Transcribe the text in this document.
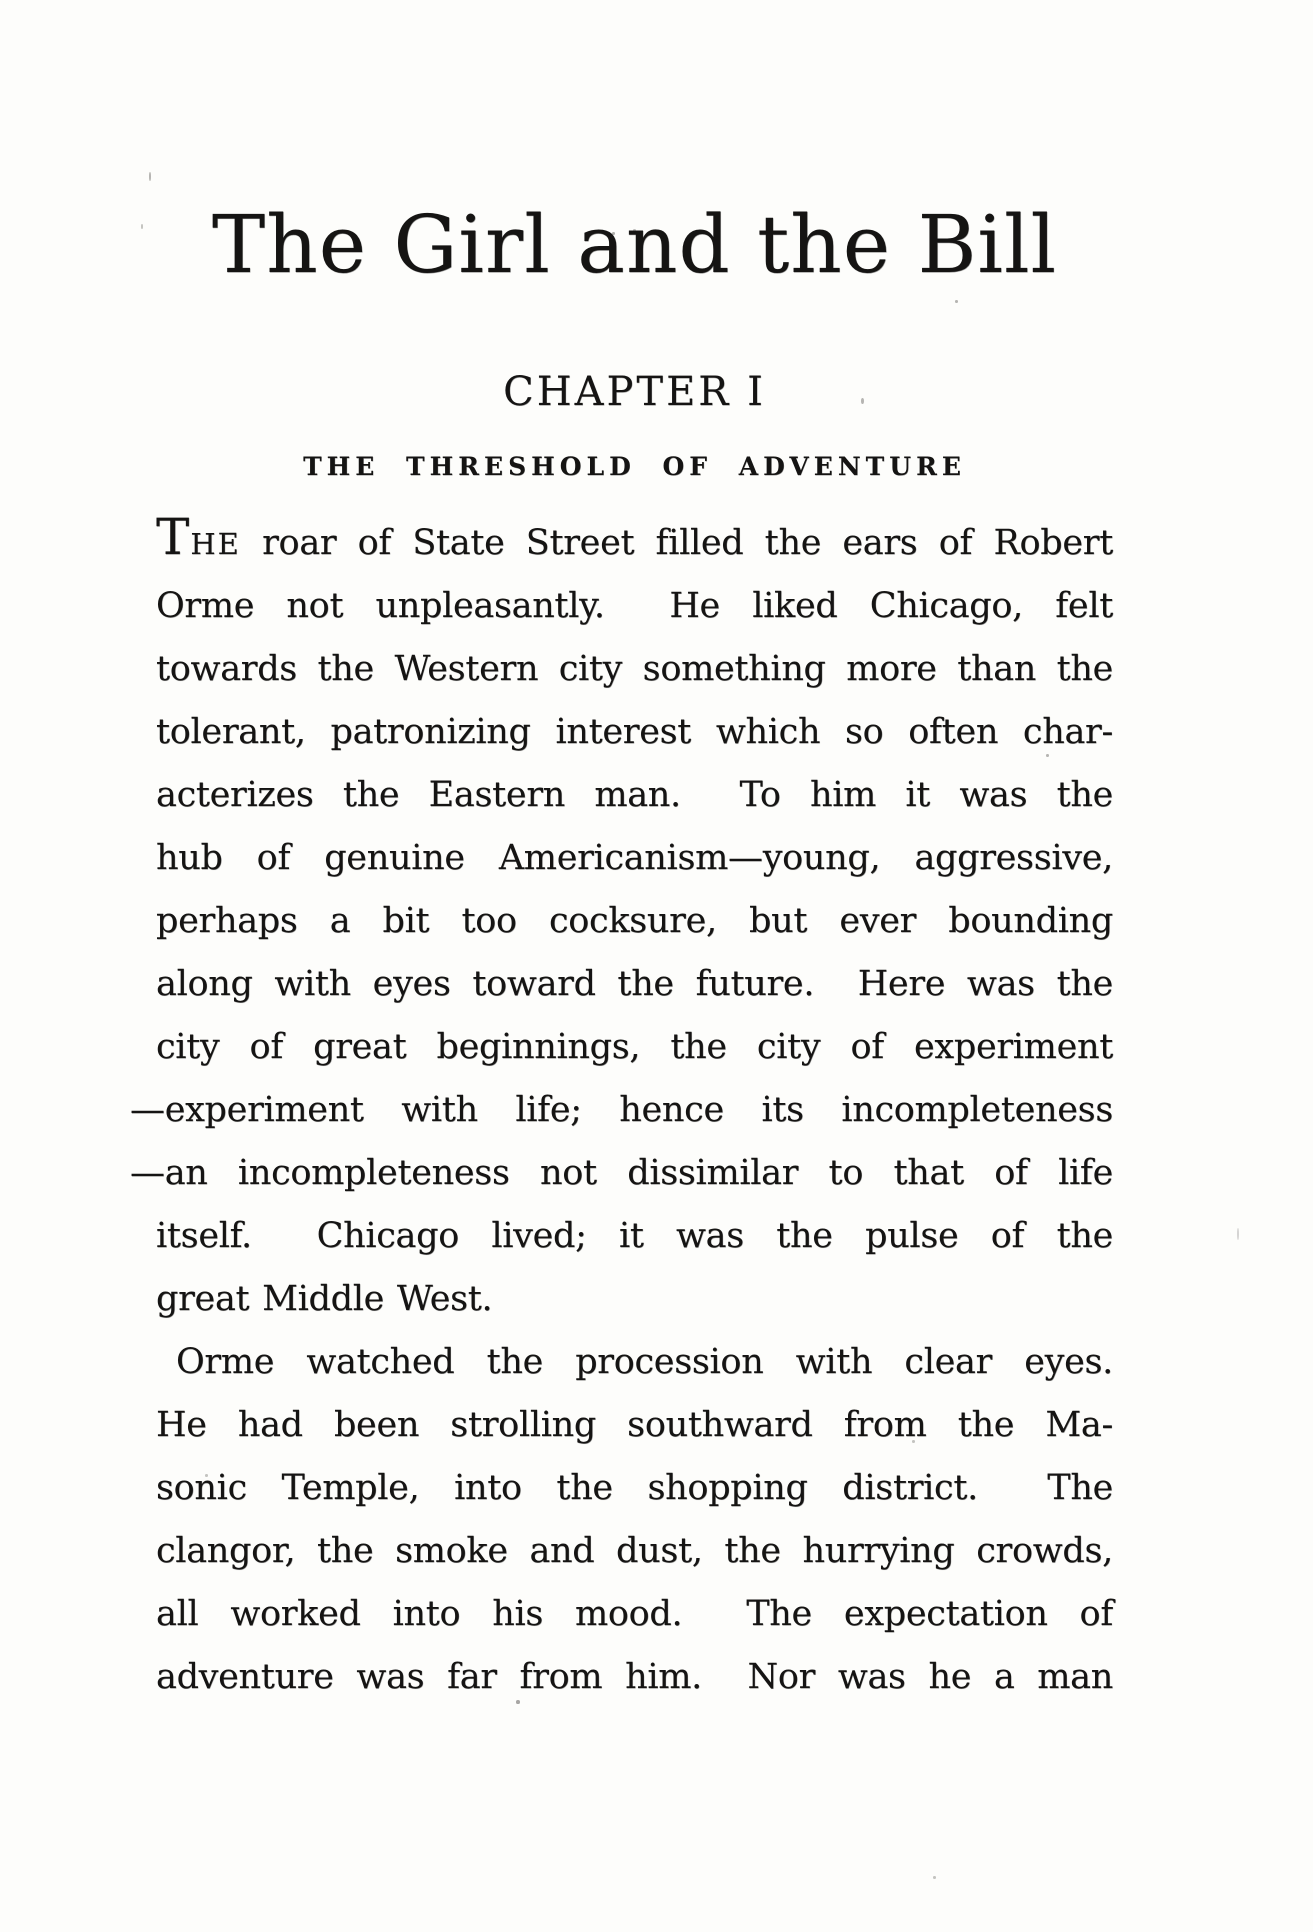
The Girl and the Bill
CHAPTER I
THE THRESHOLD OF ADVENTURE
THE roar of State Street filled the ears of Robert
Orme not unpleasantly.  He liked Chicago, felt
towards the Western city something more than the
tolerant, patronizing interest which so often char-
acterizes the Eastern man.  To him it was the
hub of genuine Americanism—young, aggressive,
perhaps a bit too cocksure, but ever bounding
along with eyes toward the future.  Here was the
city of great beginnings, the city of experiment
—experiment with life; hence its incompleteness
—an incompleteness not dissimilar to that of life
itself.  Chicago lived; it was the pulse of the
great Middle West.
Orme watched the procession with clear eyes.
He had been strolling southward from the Ma-
sonic Temple, into the shopping district.  The
clangor, the smoke and dust, the hurrying crowds,
all worked into his mood.  The expectation of
adventure was far from him.  Nor was he a man
